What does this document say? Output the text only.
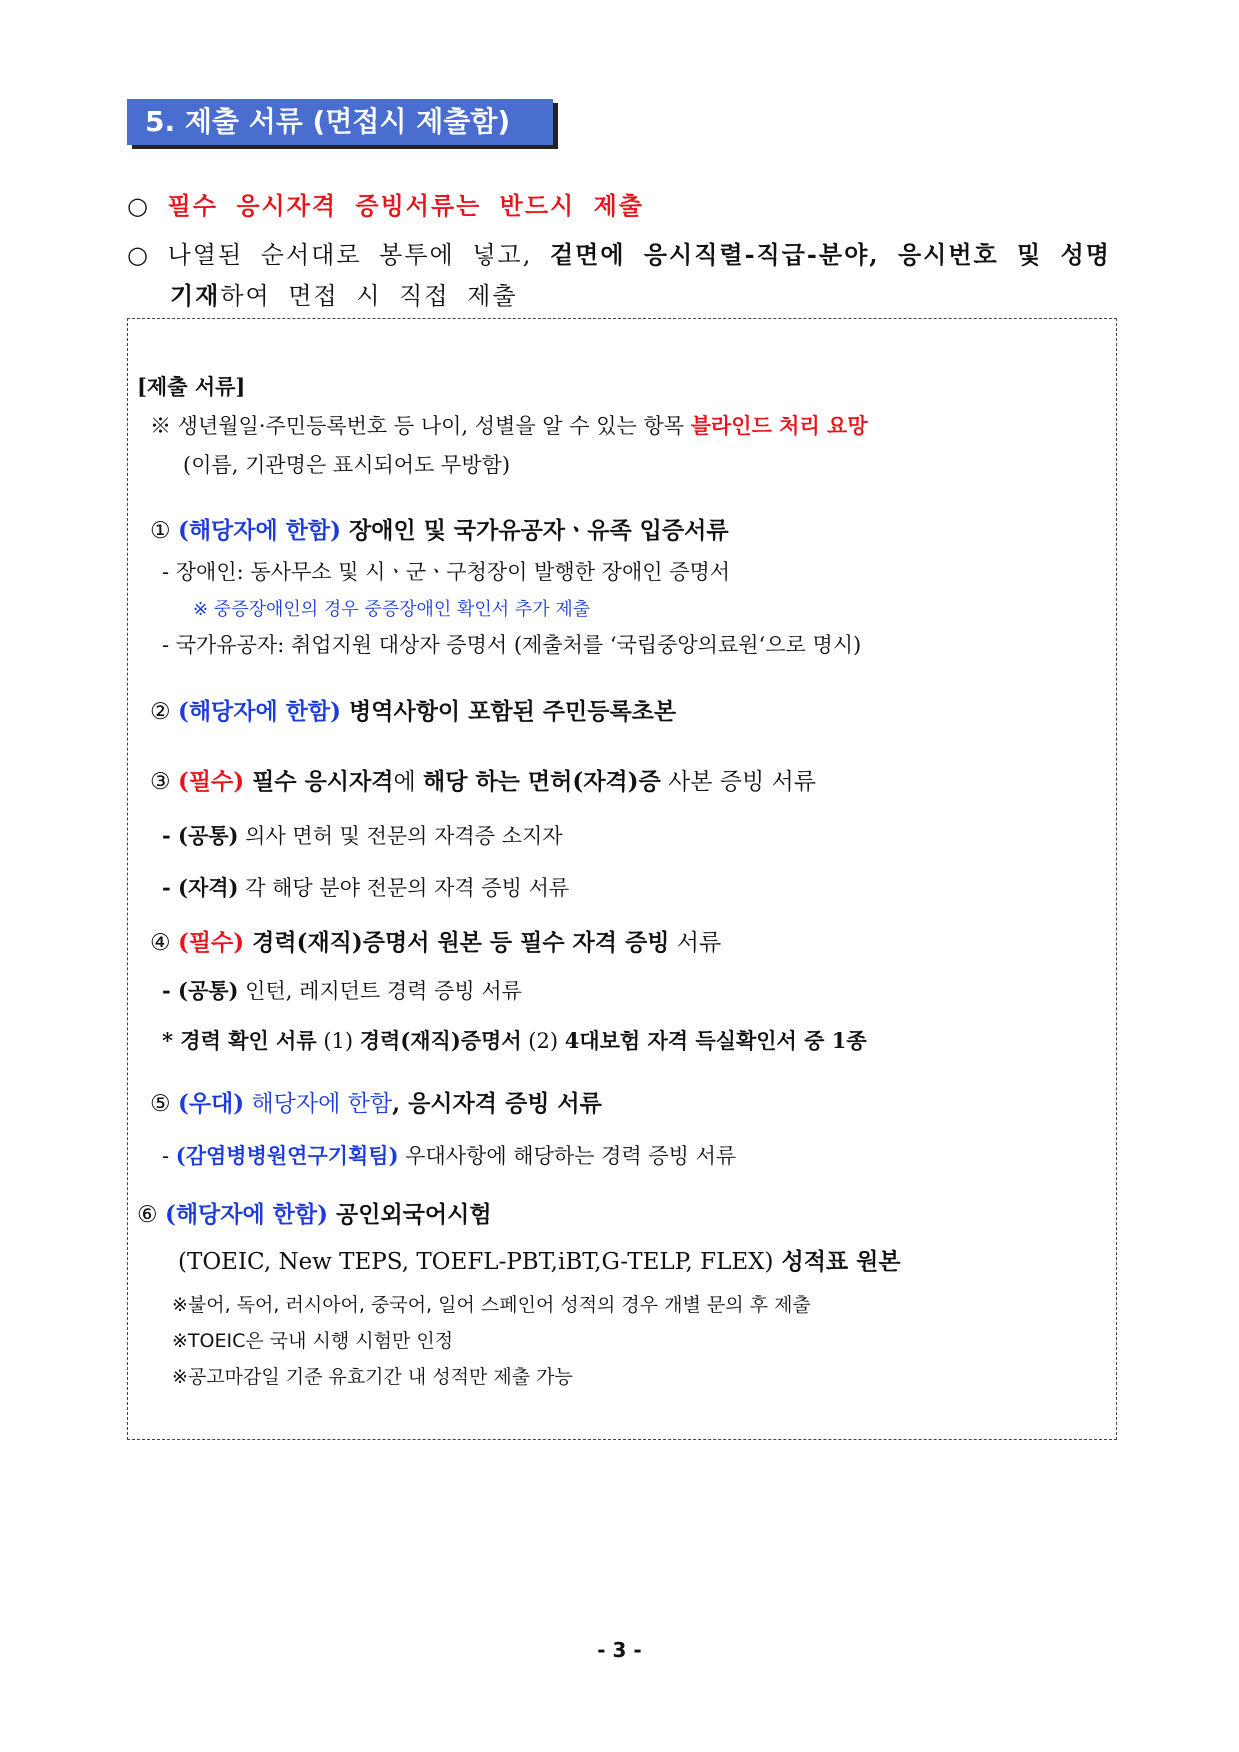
5. 제출 서류 (면접시 제출함)
○ 필수 응시자격 증빙서류는 반드시 제출
○ 나열된 순서대로 봉투에 넣고, 겉면에 응시직렬-직급-분야, 응시번호 및 성명
기재하여 면접 시 직접 제출
[제출 서류]
※ 생년월일·주민등록번호 등 나이, 성별을 알 수 있는 항목 블라인드 처리 요망
(이름, 기관명은 표시되어도 무방함)
① (해당자에 한함) 장애인 및 국가유공자ㆍ유족 입증서류
- 장애인: 동사무소 및 시ㆍ군ㆍ구청장이 발행한 장애인 증명서
※ 중증장애인의 경우 중증장애인 확인서 추가 제출
- 국가유공자: 취업지원 대상자 증명서 (제출처를 ‘국립중앙의료원‘으로 명시)
② (해당자에 한함) 병역사항이 포함된 주민등록초본
③ (필수) 필수 응시자격에 해당 하는 면허(자격)증 사본 증빙 서류
- (공통) 의사 면허 및 전문의 자격증 소지자
- (자격) 각 해당 분야 전문의 자격 증빙 서류
④ (필수) 경력(재직)증명서 원본 등 필수 자격 증빙 서류
- (공통) 인턴, 레지던트 경력 증빙 서류
* 경력 확인 서류 (1) 경력(재직)증명서 (2) 4대보험 자격 득실확인서 중 1종
⑤ (우대) 해당자에 한함, 응시자격 증빙 서류
- (감염병병원연구기획팀) 우대사항에 해당하는 경력 증빙 서류
⑥ (해당자에 한함) 공인외국어시험
(TOEIC, New TEPS, TOEFL-PBT,iBT,G-TELP, FLEX) 성적표 원본
※불어, 독어, 러시아어, 중국어, 일어 스페인어 성적의 경우 개별 문의 후 제출
※TOEIC은 국내 시행 시험만 인정
※공고마감일 기준 유효기간 내 성적만 제출 가능
- 3 -
